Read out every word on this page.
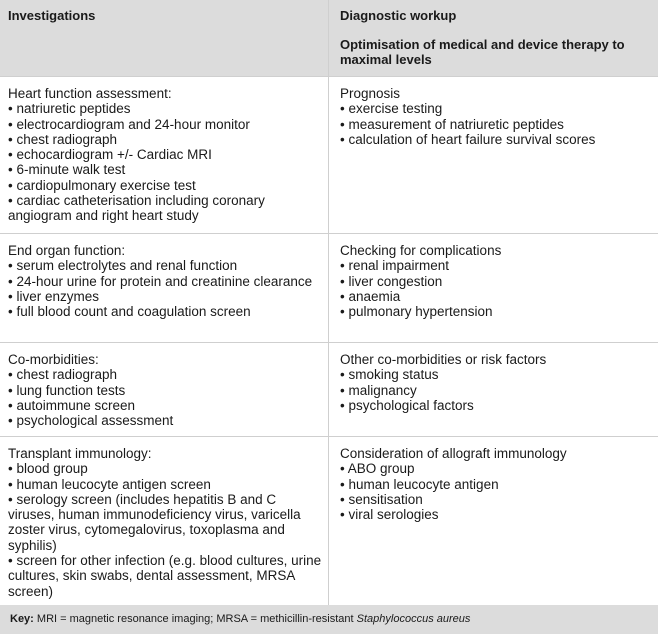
Investigations	Diagnostic workup
Optimisation of medical and device therapy to maximal levels
Heart function assessment:
• natriuretic peptides
• electrocardiogram and 24-hour monitor
• chest radiograph
• echocardiogram +/- Cardiac MRI
• 6-minute walk test
• cardiopulmonary exercise test
• cardiac catheterisation including coronary angiogram and right heart study
Prognosis
• exercise testing
• measurement of natriuretic peptides
• calculation of heart failure survival scores
End organ function:
• serum electrolytes and renal function
• 24-hour urine for protein and creatinine clearance
• liver enzymes
• full blood count and coagulation screen
Checking for complications
• renal impairment
• liver congestion
• anaemia
• pulmonary hypertension
Co-morbidities:
• chest radiograph
• lung function tests
• autoimmune screen
• psychological assessment
Other co-morbidities or risk factors
• smoking status
• malignancy
• psychological factors
Transplant immunology:
• blood group
• human leucocyte antigen screen
• serology screen (includes hepatitis B and C viruses, human immunodeficiency virus, varicella zoster virus, cytomegalovirus, toxoplasma and syphilis)
• screen for other infection (e.g. blood cultures, urine cultures, skin swabs, dental assessment, MRSA screen)
Consideration of allograft immunology
• ABO group
• human leucocyte antigen
• sensitisation
• viral serologies
Key: MRI = magnetic resonance imaging; MRSA = methicillin-resistant Staphylococcus aureus
